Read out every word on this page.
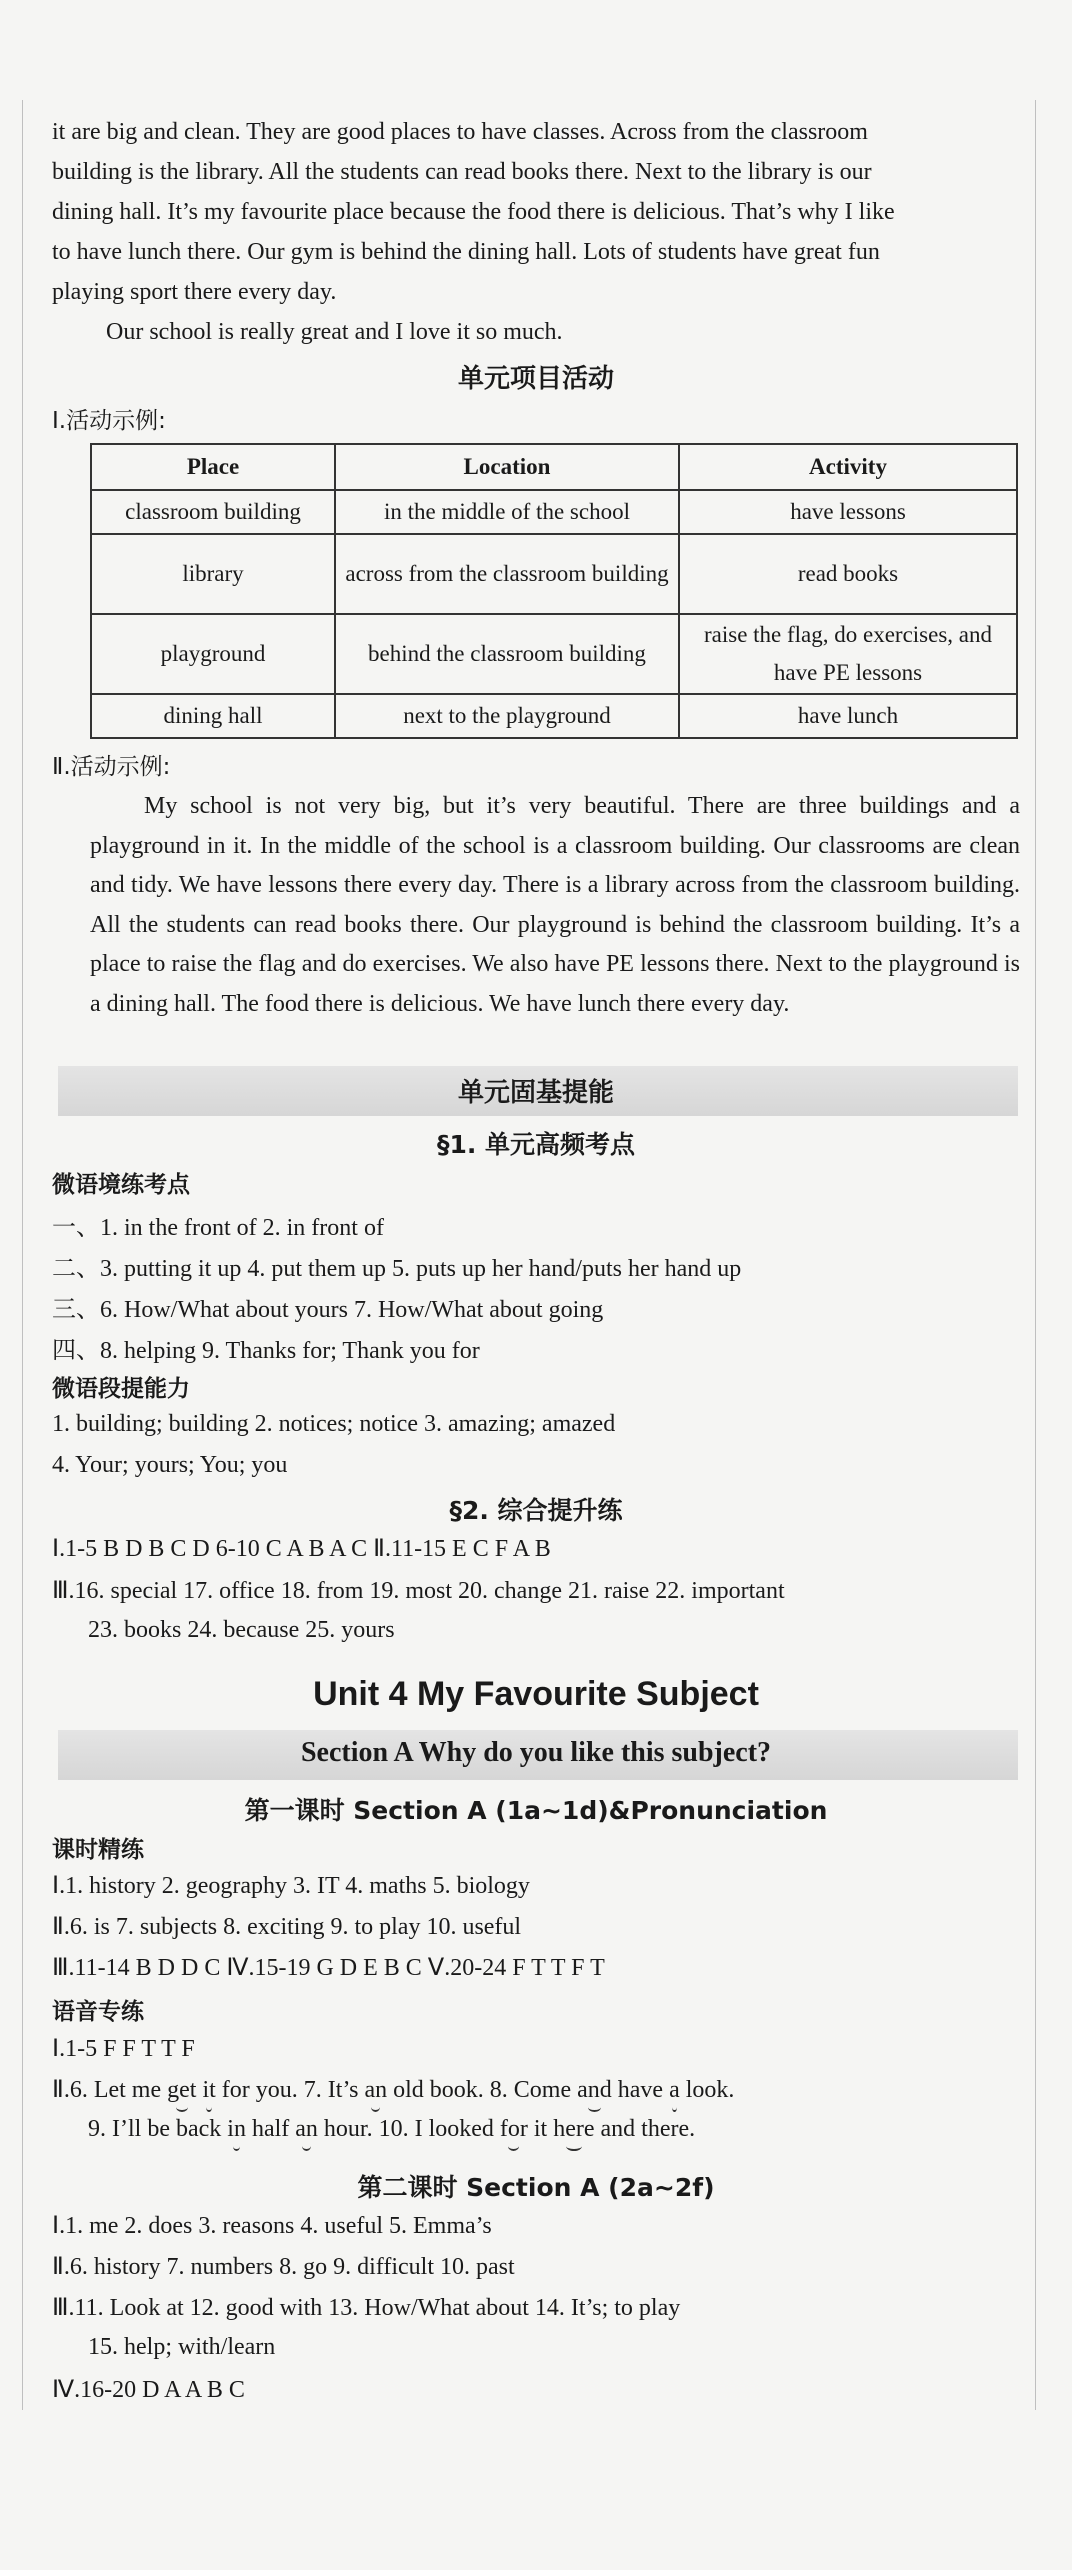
it are big and clean. They are good places to have classes. Across from the classroom
building is the library. All the students can read books there. Next to the library is our
dining hall. It’s my favourite place because the food there is delicious. That’s why I like
to have lunch there. Our gym is behind the dining hall. Lots of students have great fun
playing sport there every day.
Our school is really great and I love it so much.
单元项目活动
Ⅰ.活动示例:
Place	Location	Activity
classroom building	in the middle of the school	have lessons
library	across from the classroom building	read books
playground	behind the classroom building	raise the flag, do exercises, and have PE lessons
dining hall	next to the playground	have lunch
Ⅱ.活动示例:
My school is not very big, but it’s very beautiful. There are three buildings and a playground in it. In the middle of the school is a classroom building. Our classrooms are clean and tidy. We have lessons there every day. There is a library across from the classroom building. All the students can read books there. Our playground is behind the classroom building. It’s a place to raise the flag and do exercises. We also have PE lessons there. Next to the playground is a dining hall. The food there is delicious. We have lunch there every day.
单元固基提能
§1. 单元高频考点
微语境练考点
一、1. in the front of 2. in front of
二、3. putting it up 4. put them up 5. puts up her hand/puts her hand up
三、6. How/What about yours 7. How/What about going
四、8. helping 9. Thanks for; Thank you for
微语段提能力
1. building; building 2. notices; notice 3. amazing; amazed
4. Your; yours; You; you
§2. 综合提升练
Ⅰ.1-5 B D B C D 6-10 C A B A C Ⅱ.11-15 E C F A B
Ⅲ.16. special 17. office 18. from 19. most 20. change 21. raise 22. important
23. books 24. because 25. yours
Unit 4 My Favourite Subject
Section A Why do you like this subject?
第一课时 Section A (1a~1d)&Pronunciation
课时精练
Ⅰ.1. history 2. geography 3. IT 4. maths 5. biology
Ⅱ.6. is 7. subjects 8. exciting 9. to play 10. useful
Ⅲ.11-14 B D D C Ⅳ.15-19 G D E B C Ⅴ.20-24 F T T F T
语音专练
Ⅰ.1-5 F F T T F
Ⅱ.6. Let me get it for you. 7. It’s an old book. 8. Come and have a look.
9. I’ll be back in half an hour. 10. I looked for it here and there.
第二课时 Section A (2a~2f)
Ⅰ.1. me 2. does 3. reasons 4. useful 5. Emma’s
Ⅱ.6. history 7. numbers 8. go 9. difficult 10. past
Ⅲ.11. Look at 12. good with 13. How/What about 14. It’s; to play
15. help; with/learn
Ⅳ.16-20 D A A B C
